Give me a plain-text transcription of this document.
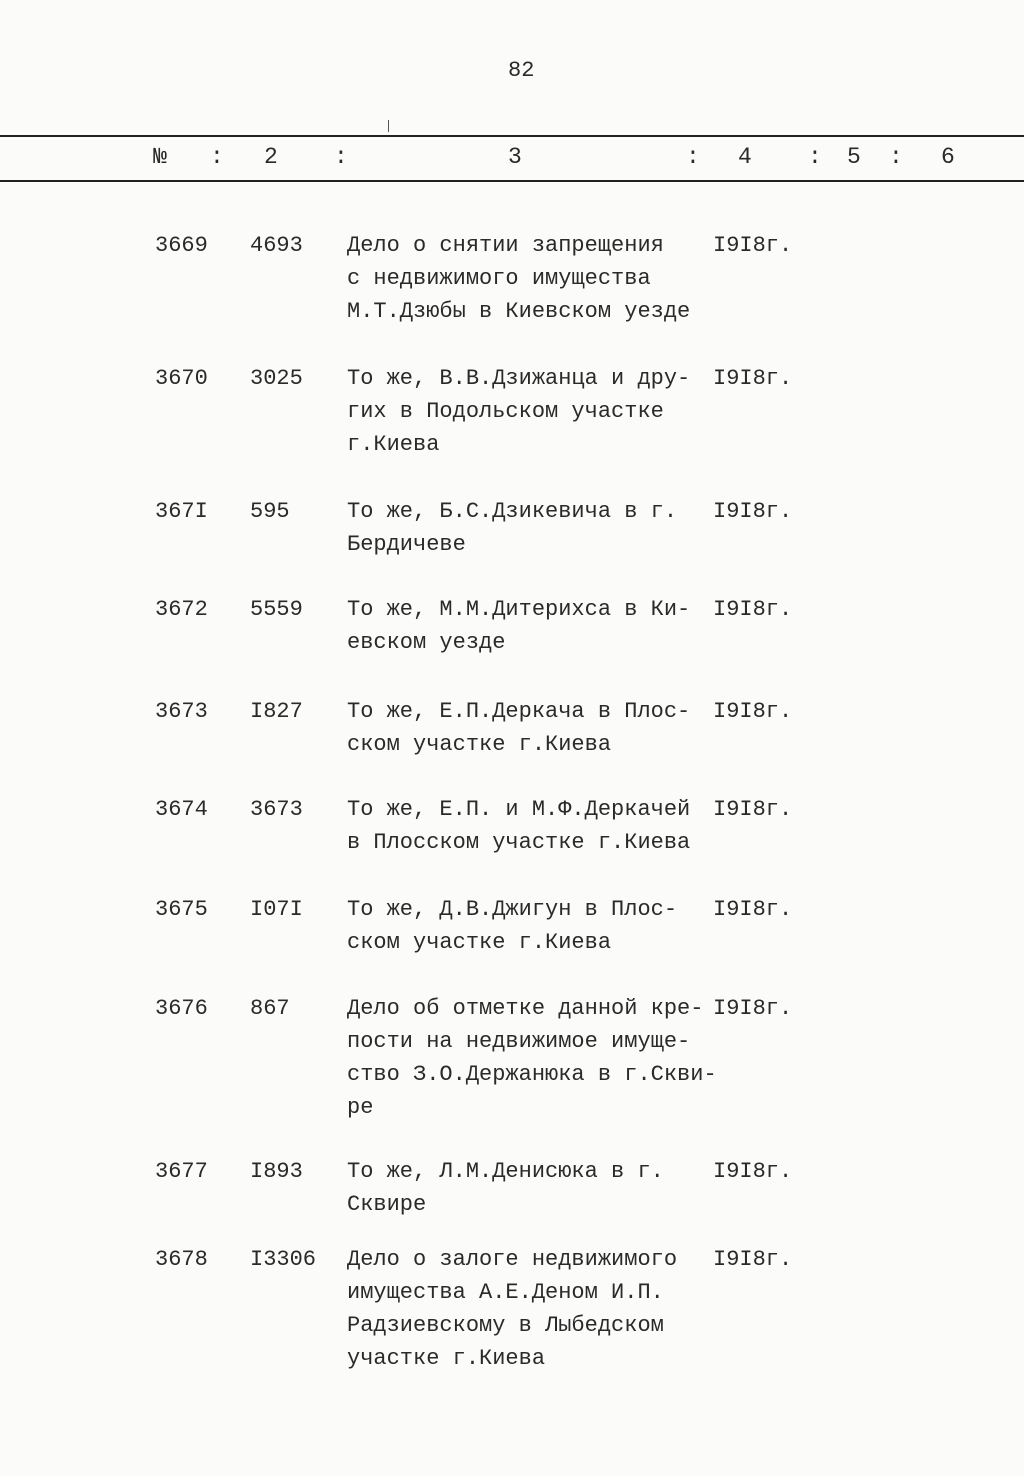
82
№ : 2 :	3	: 4 : 5 : 6
3669 4693 Дело о снятии запрещения
с недвижимого имущества
М.Т.Дзюбы в Киевском уезде
I9I8г.
3670 3025 То же, В.В.Дзижанца и дру-
гих в Подольском участке
г.Киева
I9I8г.
367I 595	То же, Б.С.Дзикевича в г.
Бердичеве
I9I8г.
3672 5559 То же, М.М.Дитерихса в Ки-
евском уезде
I9I8г.
3673 I827 То же, Е.П.Деркача в Плос-
ском участке г.Киева
I9I8г.
3674 3673 То же, Е.П. и М.Ф.Деркачей
в Плосском участке г.Киева
I9I8г.
3675 I07I То же, Д.В.Джигун в Плос-
ском участке г.Киева
I9I8г.
3676 867	Дело об отметке данной кре-
пости на недвижимое имуще-
ство З.О.Держанюка в г.Скви-
ре
I9I8г.
3677 I893 То же, Л.М.Денисюка в г.
Сквире
I9I8г.
3678 I3306 Дело о залоге недвижимого
имущества А.Е.Деном И.П.
Радзиевскому в Лыбедском
участке г.Киева
I9I8г.
